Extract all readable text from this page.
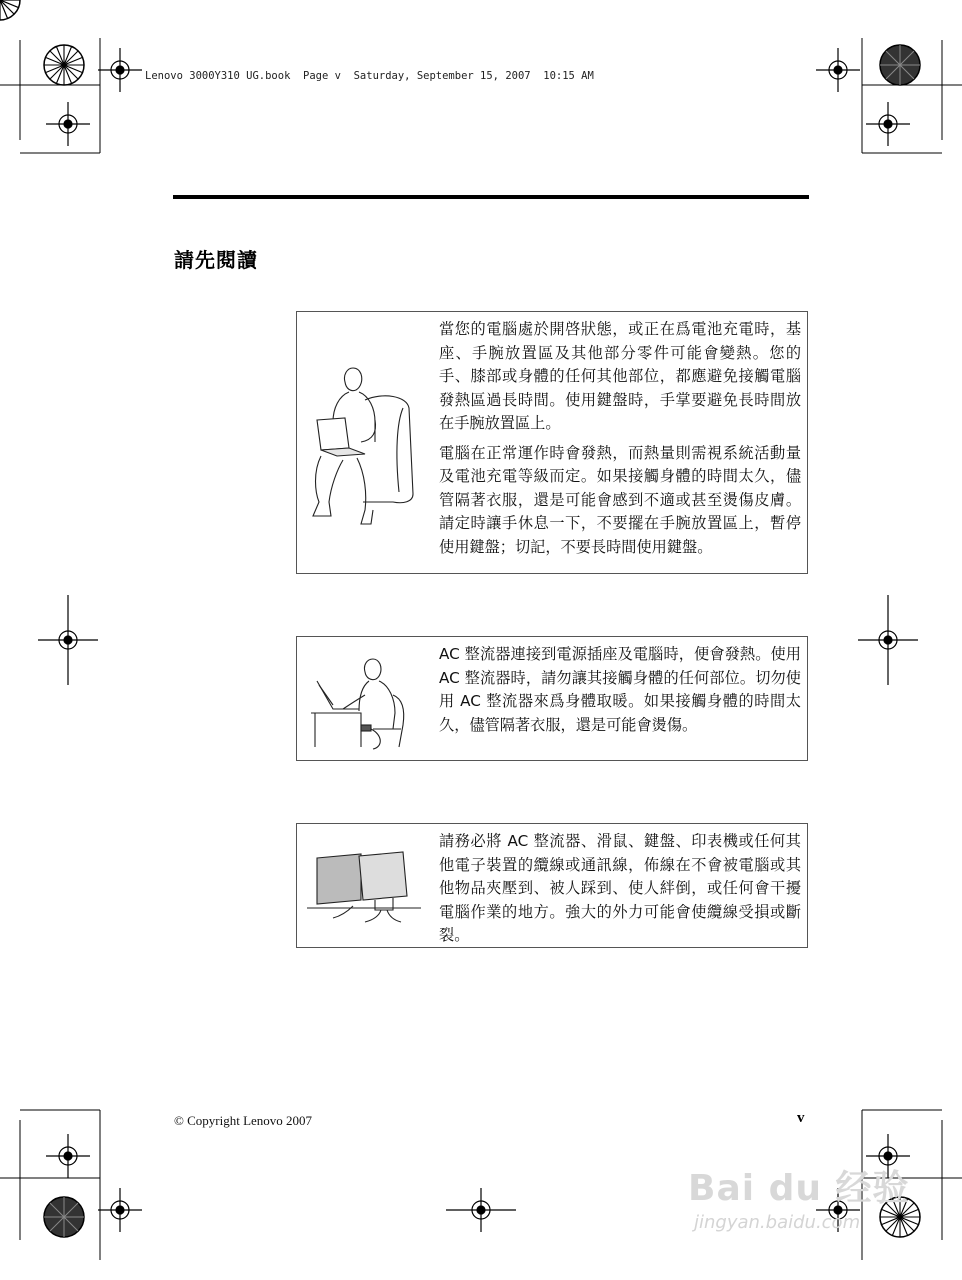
Lenovo 3000Y310 UG.book  Page v  Saturday, September 15, 2007  10:15 AM
請先閱讀

當您的電腦處於開啓狀態，或正在爲電池充電時，基座、手腕放置區及其他部分零件可能會變熱。您的手、膝部或身體的任何其他部位，都應避免接觸電腦發熱區過長時間。使用鍵盤時，手掌要避免長時間放在手腕放置區上。

電腦在正常運作時會發熱，而熱量則需視系統活動量及電池充電等級而定。如果接觸身體的時間太久，儘管隔著衣服，還是可能會感到不適或甚至燙傷皮膚。請定時讓手休息一下，不要擺在手腕放置區上，暫停使用鍵盤；切記，不要長時間使用鍵盤。

AC 整流器連接到電源插座及電腦時，便會發熱。使用 AC 整流器時，請勿讓其接觸身體的任何部位。切勿使用 AC 整流器來爲身體取暖。如果接觸身體的時間太久，儘管隔著衣服，還是可能會燙傷。

請務必將 AC 整流器、滑鼠、鍵盤、印表機或任何其他電子裝置的纜線或通訊線，佈線在不會被電腦或其他物品夾壓到、被人踩到、使人絆倒，或任何會干擾電腦作業的地方。強大的外力可能會使纜線受損或斷裂。

© Copyright Lenovo 2007	v
Bai du 经验
jingyan.baidu.com
